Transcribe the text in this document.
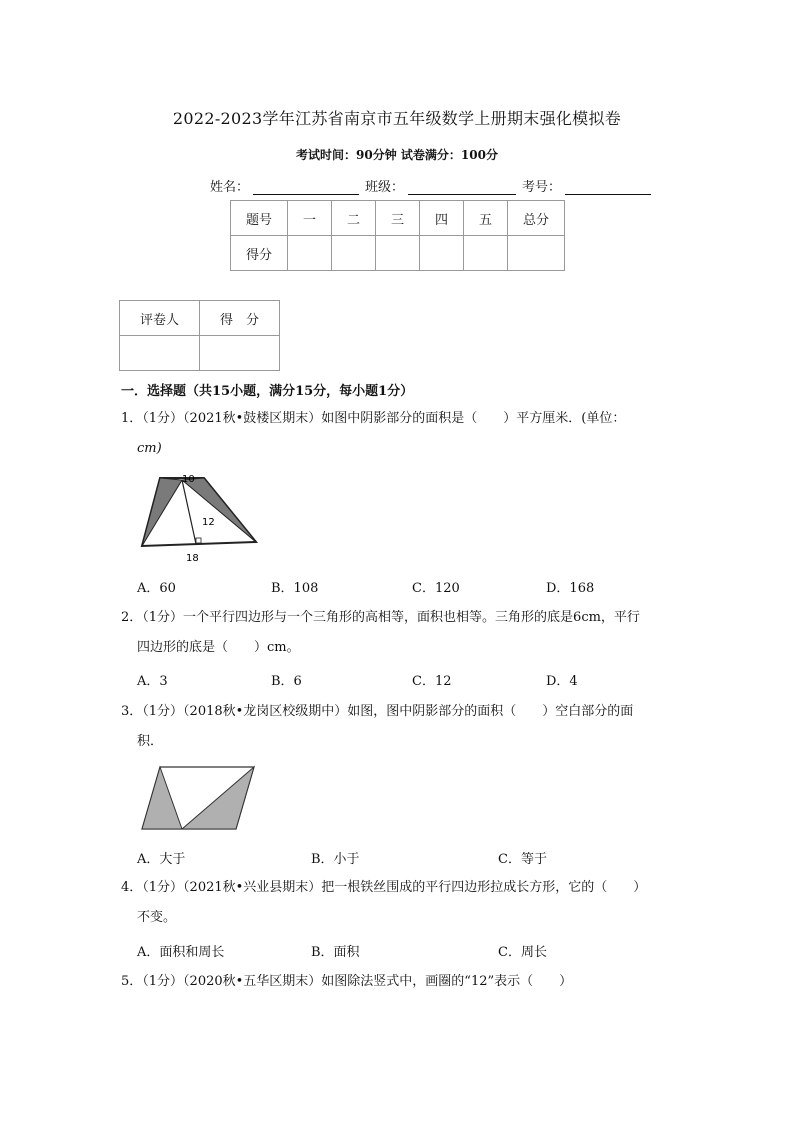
2022-2023学年江苏省南京市五年级数学上册期末强化模拟卷
考试时间：90分钟 试卷满分：100分
姓名：	班级：	考号：
题号	一	二	三	四	五	总分
得分						
评卷人	得　分

一．选择题（共15小题，满分15分，每小题1分）
1．（1分）（2021秋•鼓楼区期末）如图中阴影部分的面积是（　　）平方厘米．(单位：
cm)
10
12
18
A．60	B．108	C．120	D．168
2．（1分）一个平行四边形与一个三角形的高相等，面积也相等。三角形的底是6cm，平行
四边形的底是（　　）cm。
A．3	B．6	C．12	D．4
3．（1分）（2018秋•龙岗区校级期中）如图，图中阴影部分的面积（　　）空白部分的面
积．
A．大于	B．小于	C．等于
4．（1分）（2021秋•兴业县期末）把一根铁丝围成的平行四边形拉成长方形，它的（　　）
不变。
A．面积和周长	B．面积	C．周长
5．（1分）（2020秋•五华区期末）如图除法竖式中，画圈的“12”表示（　　）
